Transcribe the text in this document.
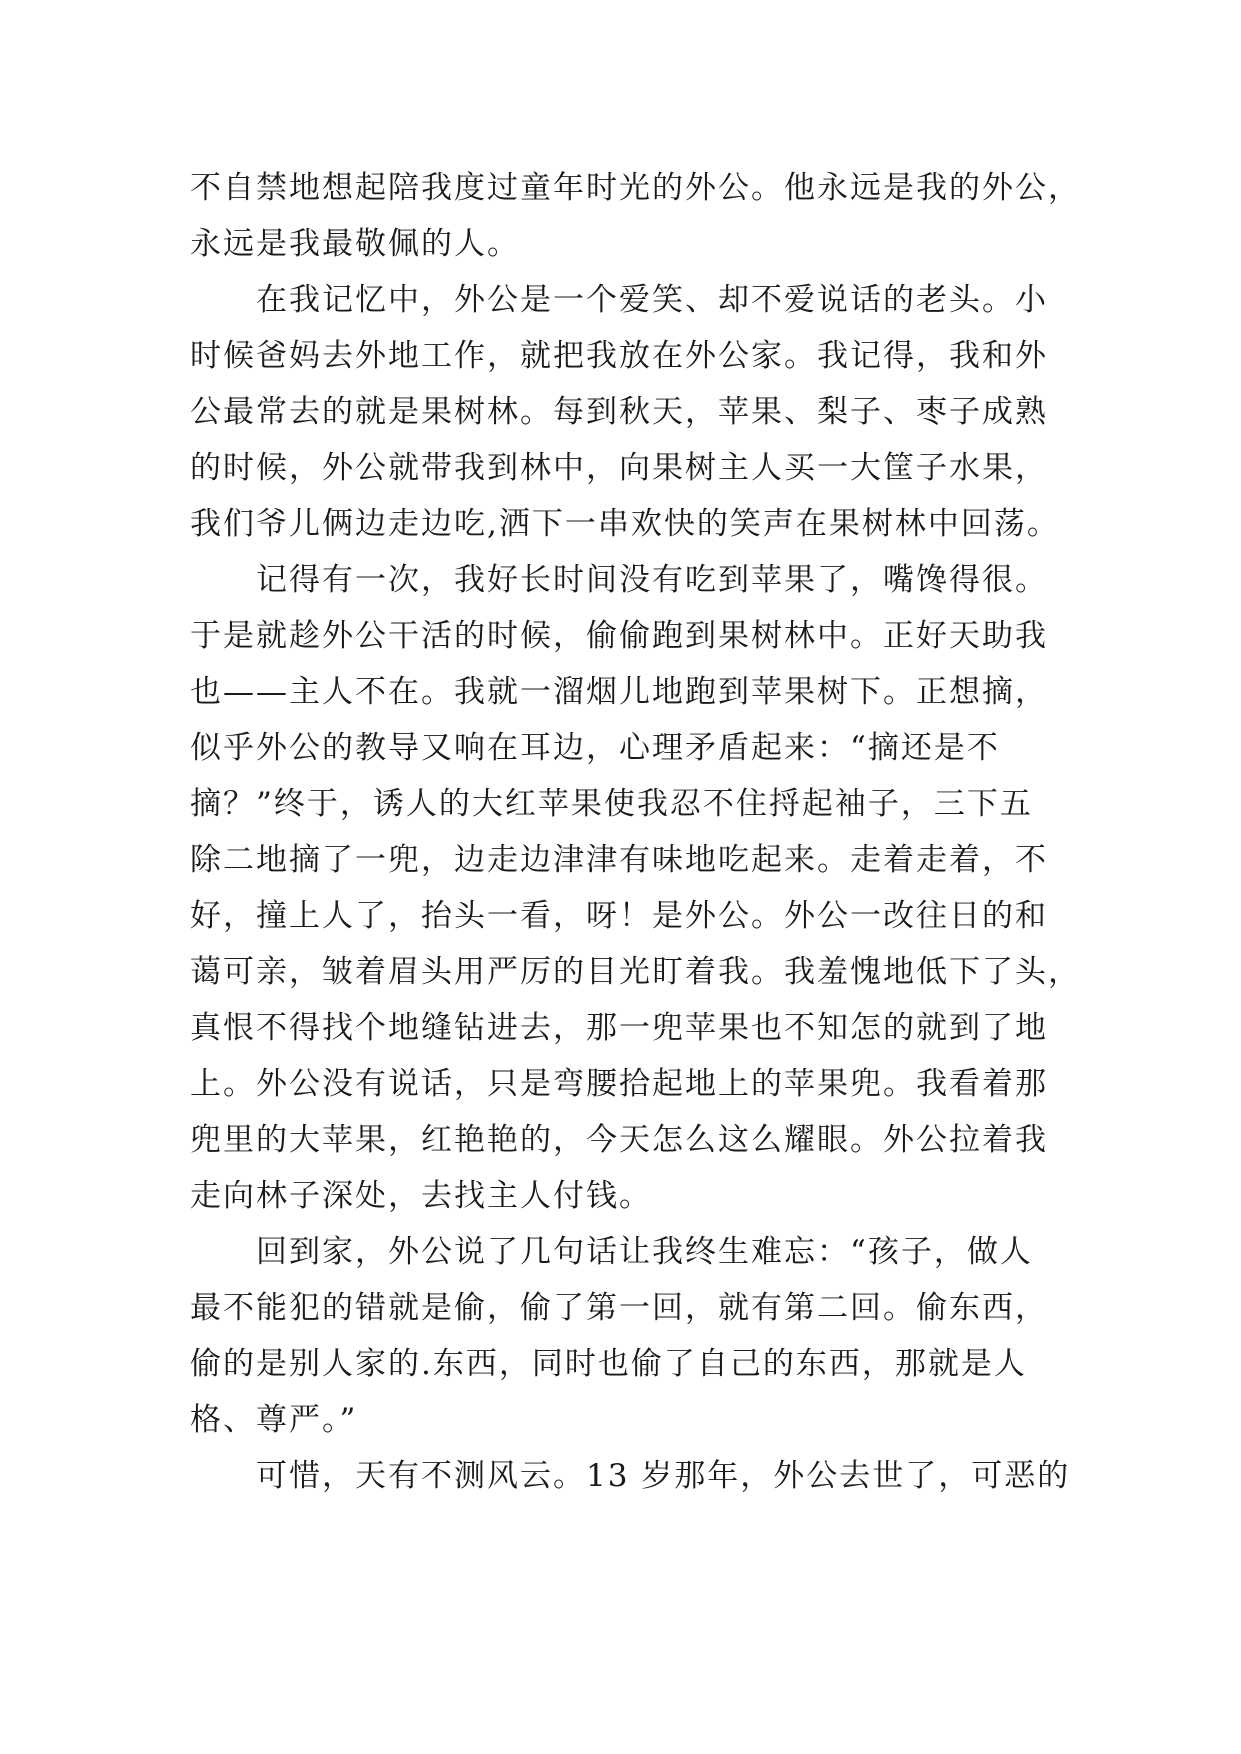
不自禁地想起陪我度过童年时光的外公。他永远是我的外公，
永远是我最敬佩的人。
在我记忆中，外公是一个爱笑、却不爱说话的老头。小
时候爸妈去外地工作，就把我放在外公家。我记得，我和外
公最常去的就是果树林。每到秋天，苹果、梨子、枣子成熟
的时候，外公就带我到林中，向果树主人买一大筐子水果，
我们爷儿俩边走边吃,洒下一串欢快的笑声在果树林中回荡。
记得有一次，我好长时间没有吃到苹果了，嘴馋得很。
于是就趁外公干活的时候，偷偷跑到果树林中。正好天助我
也——主人不在。我就一溜烟儿地跑到苹果树下。正想摘，
似乎外公的教导又响在耳边，心理矛盾起来：“摘还是不
摘？”终于，诱人的大红苹果使我忍不住捋起袖子，三下五
除二地摘了一兜，边走边津津有味地吃起来。走着走着，不
好，撞上人了，抬头一看，呀！是外公。外公一改往日的和
蔼可亲，皱着眉头用严厉的目光盯着我。我羞愧地低下了头，
真恨不得找个地缝钻进去，那一兜苹果也不知怎的就到了地
上。外公没有说话，只是弯腰拾起地上的苹果兜。我看着那
兜里的大苹果，红艳艳的，今天怎么这么耀眼。外公拉着我
走向林子深处，去找主人付钱。
回到家，外公说了几句话让我终生难忘：“孩子，做人
最不能犯的错就是偷，偷了第一回，就有第二回。偷东西，
偷的是别人家的.东西，同时也偷了自己的东西，那就是人
格、尊严。”
可惜，天有不测风云。13 岁那年，外公去世了，可恶的
